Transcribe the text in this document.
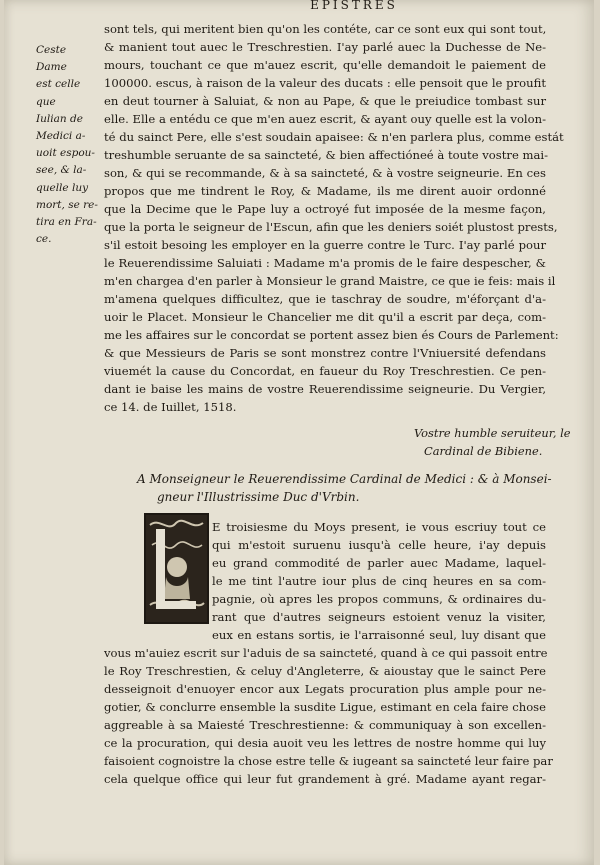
EPISTRES
Ceste Dame
est celle que
Iulian de
Medici a-
uoit espou-
see, & la-
quelle luy
mort, se re-
tira en Fra-
ce.
sont tels, qui meritent bien qu'on les contéte, car ce sont eux qui sont tout,
& manient tout auec le Treschrestien. I'ay parlé auec la Duchesse de Ne-
mours, touchant ce que m'auez escrit, qu'elle demandoit le paiement de
100000. escus, à raison de la valeur des ducats : elle pensoit que le proufit
en deut tourner à Saluiat, & non au Pape, & que le preiudice tombast sur
elle. Elle a entédu ce que m'en auez escrit, & ayant ouy quelle est la volon-
té du sainct Pere, elle s'est soudain apaisee: & n'en parlera plus, comme estát
treshumble seruante de sa saincteté, & bien affectióneé à toute vostre mai-
son, & qui se recommande, & à sa saincteté, & à vostre seigneurie. En ces
propos que me tindrent le Roy, & Madame, ils me dirent auoir ordonné
que la Decime que le Pape luy a octroyé fut imposée de la mesme façon,
que la porta le seigneur de l'Escun, afin que les deniers soiét plustost prests,
s'il estoit besoing les employer en la guerre contre le Turc. I'ay parlé pour
le Reuerendissime Saluiati : Madame m'a promis de le faire despescher, &
m'en chargea d'en parler à Monsieur le grand Maistre, ce que ie feis: mais il
m'amena quelques difficultez, que ie taschray de soudre, m'éforçant d'a-
uoir le Placet. Monsieur le Chancelier me dit qu'il a escrit par deça, com-
me les affaires sur le concordat se portent assez bien és Cours de Parlement:
& que Messieurs de Paris se sont monstrez contre l'Vniuersité defendans
viuemét la cause du Concordat, en faueur du Roy Treschrestien. Ce pen-
dant ie baise les mains de vostre Reuerendissime seigneurie. Du Vergier,
ce 14. de Iuillet, 1518.
Vostre humble seruiteur, le
Cardinal de Bibiene.
A Monseigneur le Reuerendissime Cardinal de Medici : & à Monsei-
gneur l'Illustrissime Duc d'Vrbin.
E troisiesme du Moys present, ie vous escriuy tout ce
qui m'estoit suruenu iusqu'à celle heure, i'ay depuis
eu grand commodité de parler auec Madame, laquel-
le me tint l'autre iour plus de cinq heures en sa com-
pagnie, où apres les propos communs, & ordinaires du-
rant que d'autres seigneurs estoient venuz la visiter,
eux en estans sortis, ie l'arraisonné seul, luy disant que
vous m'auiez escrit sur l'aduis de sa saincteté, quand à ce qui passoit entre
le Roy Treschrestien, & celuy d'Angleterre, & aioustay que le sainct Pere
desseignoit d'enuoyer encor aux Legats procuration plus ample pour ne-
gotier, & conclurre ensemble la susdite Ligue, estimant en cela faire chose
aggreable à sa Maiesté Treschrestienne: & communiquay à son excellen-
ce la procuration, qui desia auoit veu les lettres de nostre homme qui luy
faisoient cognoistre la chose estre telle & iugeant sa saincteté leur faire par
cela quelque office qui leur fut grandement à gré. Madame ayant regar-
